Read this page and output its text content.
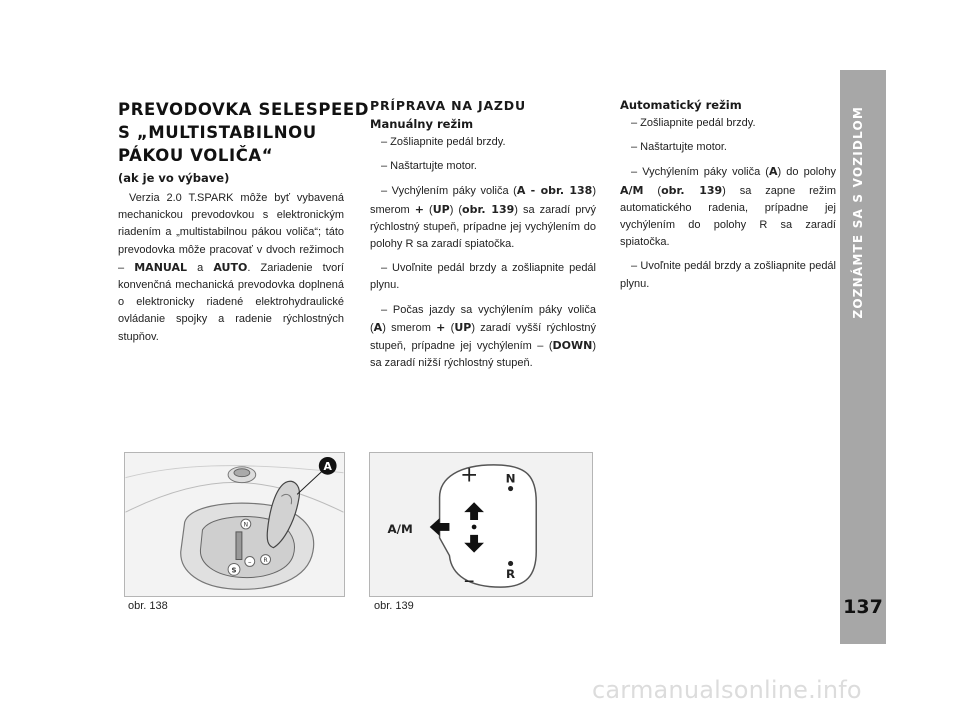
PREVODOVKA SELESPEED
S „MULTISTABILNOU
PÁKOU VOLIČA“
(ak je vo výbave)

Verzia 2.0 T.SPARK môže byť vybavená mechanickou prevodovkou s elektronickým riadením a „multistabilnou pákou voliča“; táto prevodovka môže pracovať v dvoch režimoch – MANUAL a AUTO. Zariadenie tvorí konvenčná mechanická prevodovka doplnená o elektronicky riadené elektrohydraulické ovládanie spojky a radenie rýchlostných stupňov.

PRÍPRAVA NA JAZDU
Manuálny režim

– Zošliapnite pedál brzdy.

– Naštartujte motor.

– Vychýlením páky voliča (A - obr. 138) smerom + (UP) (obr. 139) sa zaradí prvý rýchlostný stupeň, prípadne jej vychýlením do polohy R sa zaradí spiatočka.

– Uvoľnite pedál brzdy a zošliapnite pedál plynu.

– Počas jazdy sa vychýlením páky voliča (A) smerom + (UP) zaradí vyšší rýchlostný stupeň, prípadne jej vychýlením – (DOWN) sa zaradí nižší rýchlostný stupeň.

Automatický režim

– Zošliapnite pedál brzdy.

– Naštartujte motor.

– Vychýlením páky voliča (A) do polohy A/M (obr. 139) sa zapne režim automatického radenia, prípadne jej vychýlením do polohy R sa zaradí spiatočka.

– Uvoľnite pedál brzdy a zošliapnite pedál plynu.

S
– R
N
A
obr. 138
+
–
N
R
A/M
obr. 139
ZOZNÁMTE SA S VOZIDLOM
137
carmanualsonline.info
